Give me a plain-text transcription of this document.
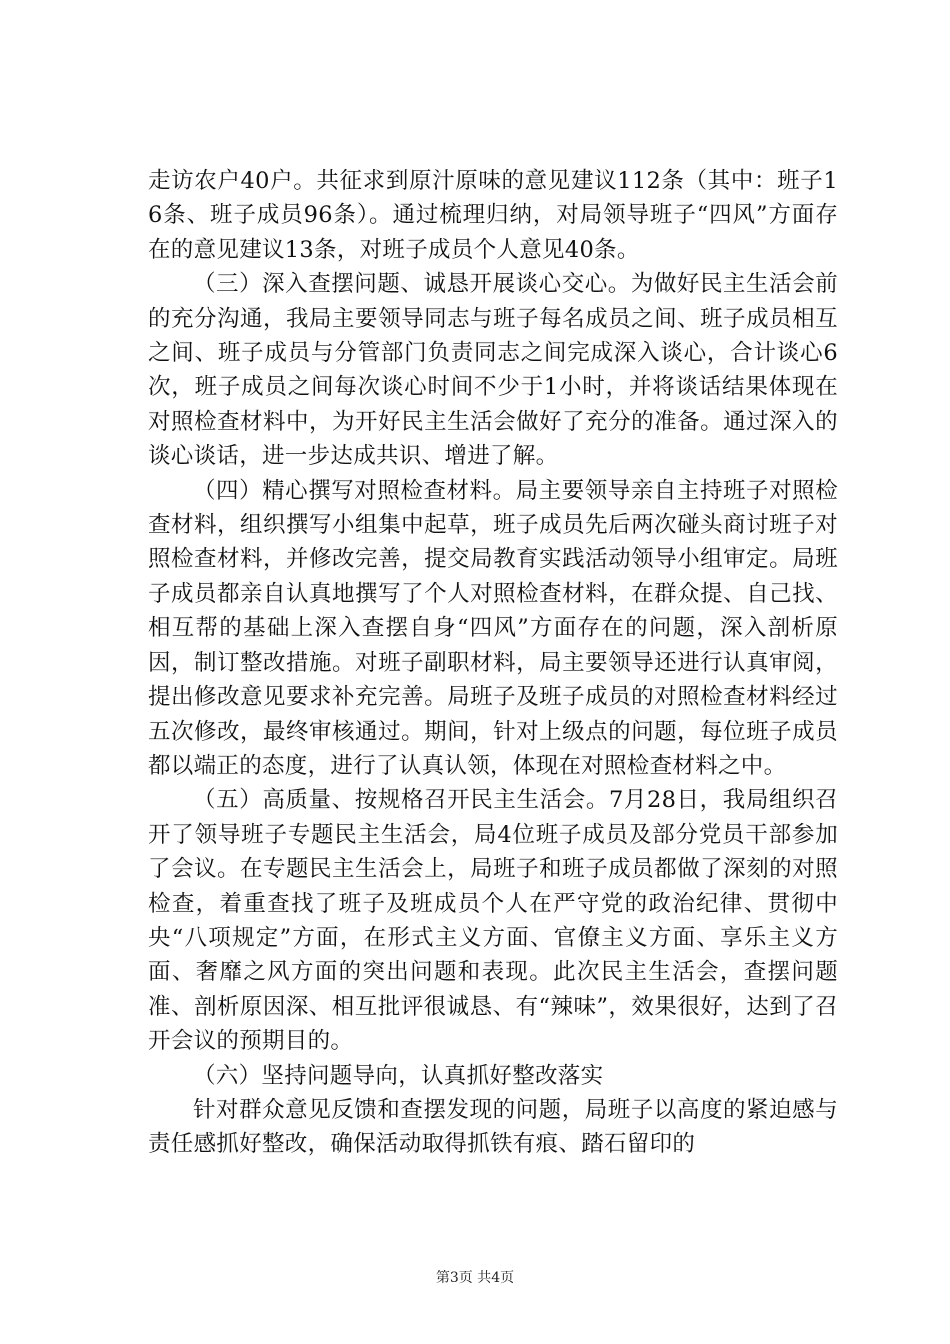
走访农户40户。共征求到原汁原味的意见建议112条（其中：班子16条、班子成员96条）。通过梳理归纳，对局领导班子“四风”方面存在的意见建议13条，对班子成员个人意见40条。

（三）深入查摆问题、诚恳开展谈心交心。为做好民主生活会前的充分沟通，我局主要领导同志与班子每名成员之间、班子成员相互之间、班子成员与分管部门负责同志之间完成深入谈心，合计谈心6次，班子成员之间每次谈心时间不少于1小时，并将谈话结果体现在对照检查材料中，为开好民主生活会做好了充分的准备。通过深入的谈心谈话，进一步达成共识、增进了解。

（四）精心撰写对照检查材料。局主要领导亲自主持班子对照检查材料，组织撰写小组集中起草，班子成员先后两次碰头商讨班子对照检查材料，并修改完善，提交局教育实践活动领导小组审定。局班子成员都亲自认真地撰写了个人对照检查材料，在群众提、自己找、相互帮的基础上深入查摆自身“四风”方面存在的问题，深入剖析原因，制订整改措施。对班子副职材料，局主要领导还进行认真审阅，提出修改意见要求补充完善。局班子及班子成员的对照检查材料经过五次修改，最终审核通过。期间，针对上级点的问题，每位班子成员都以端正的态度，进行了认真认领，体现在对照检查材料之中。

（五）高质量、按规格召开民主生活会。7月28日，我局组织召开了领导班子专题民主生活会，局4位班子成员及部分党员干部参加了会议。在专题民主生活会上，局班子和班子成员都做了深刻的对照检查，着重查找了班子及班成员个人在严守党的政治纪律、贯彻中央“八项规定”方面，在形式主义方面、官僚主义方面、享乐主义方面、奢靡之风方面的突出问题和表现。此次民主生活会，查摆问题准、剖析原因深、相互批评很诚恳、有“辣味”，效果很好，达到了召开会议的预期目的。

（六）坚持问题导向，认真抓好整改落实

针对群众意见反馈和查摆发现的问题，局班子以高度的紧迫感与责任感抓好整改，确保活动取得抓铁有痕、踏石留印的

第3页 共4页
